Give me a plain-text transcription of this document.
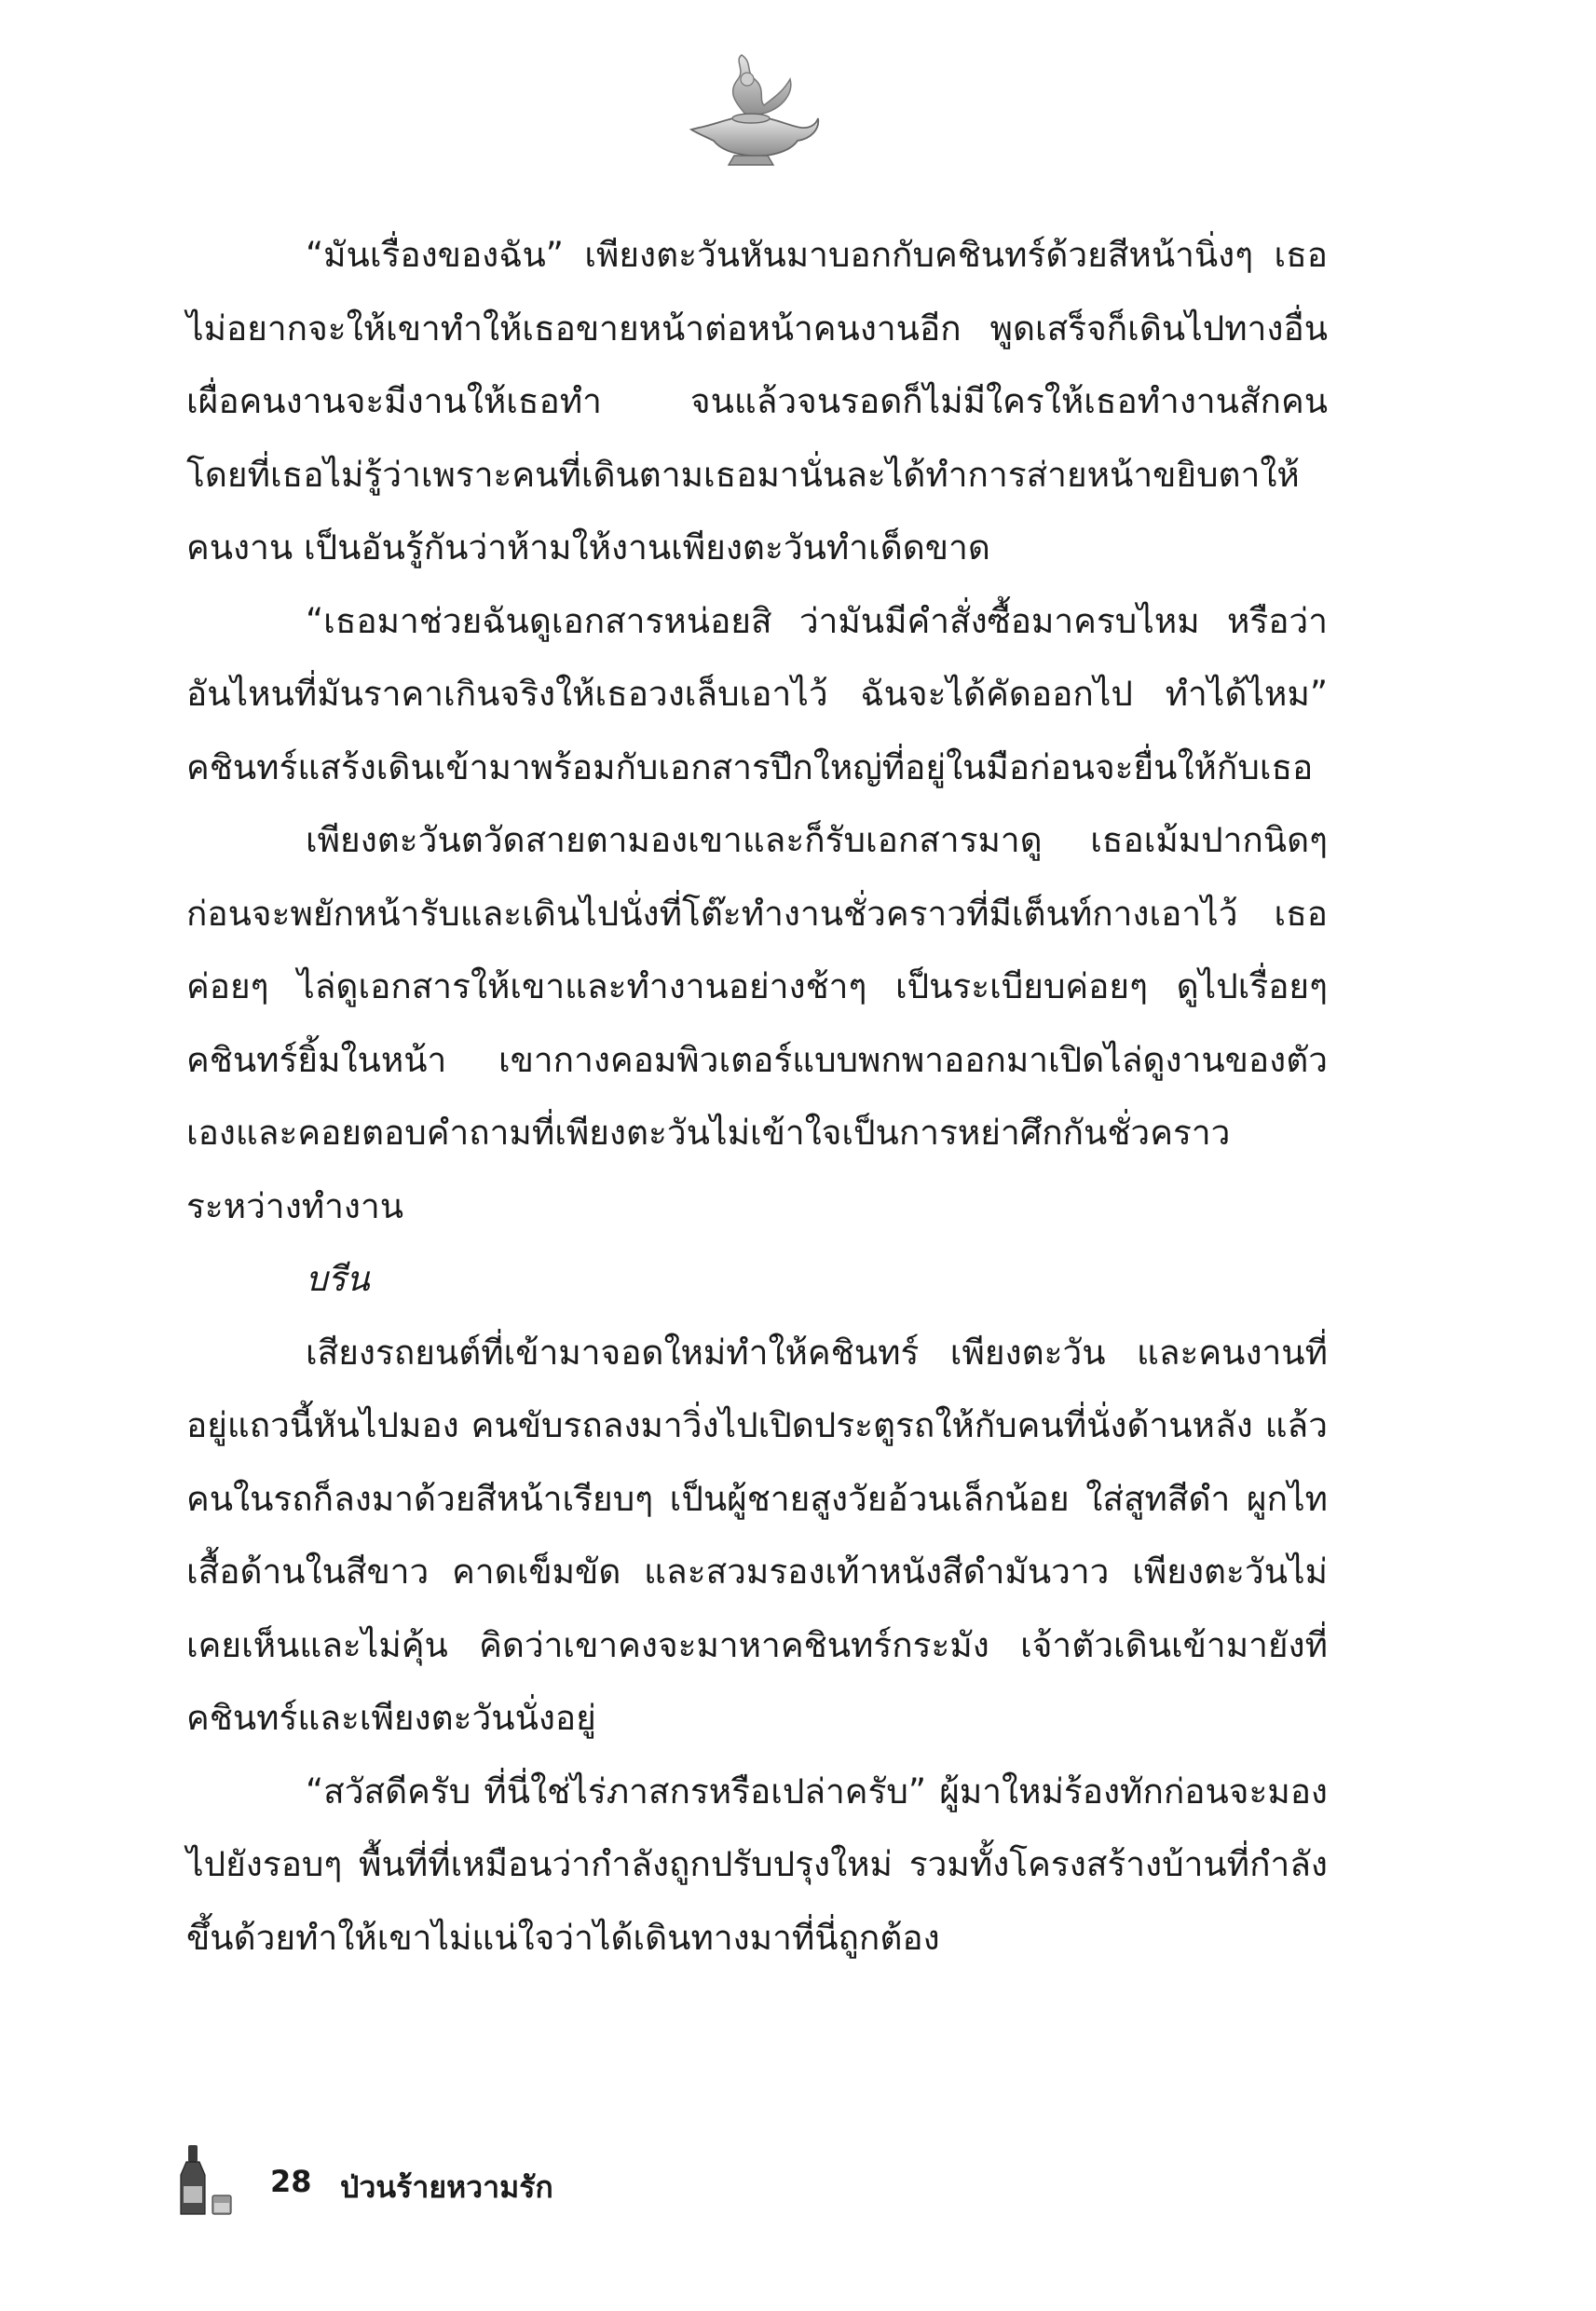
“มันเรื่องของฉัน” เพียงตะวันหันมาบอกกับคชินทร์ด้วยสีหน้านิ่งๆ เธอไม่อยากจะให้เขาทำให้เธอขายหน้าต่อหน้าคนงานอีก พูดเสร็จก็เดินไปทางอื่น เผื่อคนงานจะมีงานให้เธอทำ จนแล้วจนรอดก็ไม่มีใครให้เธอทำงานสักคน โดยที่เธอไม่รู้ว่าเพราะคนที่เดินตามเธอมานั่นละได้ทำการส่ายหน้าขยิบตาให้คนงาน เป็นอันรู้กันว่าห้ามให้งานเพียงตะวันทำเด็ดขาด

“เธอมาช่วยฉันดูเอกสารหน่อยสิ ว่ามันมีคำสั่งซื้อมาครบไหม หรือว่าอันไหนที่มันราคาเกินจริงให้เธอวงเล็บเอาไว้ ฉันจะได้คัดออกไป ทำได้ไหม” คชินทร์แสร้งเดินเข้ามาพร้อมกับเอกสารปึกใหญ่ที่อยู่ในมือก่อนจะยื่นให้กับเธอ

เพียงตะวันตวัดสายตามองเขาและก็รับเอกสารมาดู เธอเม้มปากนิดๆ ก่อนจะพยักหน้ารับและเดินไปนั่งที่โต๊ะทำงานชั่วคราวที่มีเต็นท์กางเอาไว้ เธอค่อยๆ ไล่ดูเอกสารให้เขาและทำงานอย่างช้าๆ เป็นระเบียบค่อยๆ ดูไปเรื่อยๆ คชินทร์ยิ้มในหน้า เขากางคอมพิวเตอร์แบบพกพาออกมาเปิดไล่ดูงานของตัวเองและคอยตอบคำถามที่เพียงตะวันไม่เข้าใจเป็นการหย่าศึกกันชั่วคราวระหว่างทำงาน

บรีน

เสียงรถยนต์ที่เข้ามาจอดใหม่ทำให้คชินทร์ เพียงตะวัน และคนงานที่อยู่แถวนี้หันไปมอง คนขับรถลงมาวิ่งไปเปิดประตูรถให้กับคนที่นั่งด้านหลัง แล้วคนในรถก็ลงมาด้วยสีหน้าเรียบๆ เป็นผู้ชายสูงวัยอ้วนเล็กน้อย ใส่สูทสีดำ ผูกไท เสื้อด้านในสีขาว คาดเข็มขัด และสวมรองเท้าหนังสีดำมันวาว เพียงตะวันไม่เคยเห็นและไม่คุ้น คิดว่าเขาคงจะมาหาคชินทร์กระมัง เจ้าตัวเดินเข้ามายังที่คชินทร์และเพียงตะวันนั่งอยู่

“สวัสดีครับ ที่นี่ใช่ไร่ภาสกรหรือเปล่าครับ” ผู้มาใหม่ร้องทักก่อนจะมองไปยังรอบๆ พื้นที่ที่เหมือนว่ากำลังถูกปรับปรุงใหม่ รวมทั้งโครงสร้างบ้านที่กำลังขึ้นด้วยทำให้เขาไม่แน่ใจว่าได้เดินทางมาที่นี่ถูกต้อง

28 ป่วนร้ายหวามรัก
